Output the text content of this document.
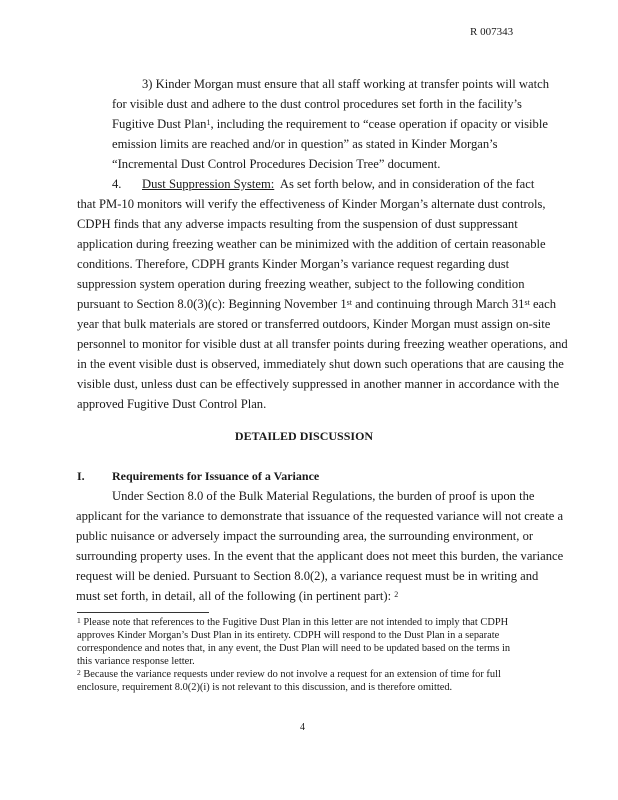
R 007343
3) Kinder Morgan must ensure that all staff working at transfer points will watch
for visible dust and adhere to the dust control procedures set forth in the facility’s
Fugitive Dust Plan$^1$, including the requirement to “cease operation if opacity or visible
emission limits are reached and/or in question” as stated in Kinder Morgan’s
“Incremental Dust Control Procedures Decision Tree” document.
4. Dust Suppression System: As set forth below, and in consideration of the fact
that PM-10 monitors will verify the effectiveness of Kinder Morgan’s alternate dust controls,
CDPH finds that any adverse impacts resulting from the suspension of dust suppressant
application during freezing weather can be minimized with the addition of certain reasonable
conditions. Therefore, CDPH grants Kinder Morgan’s variance request regarding dust
suppression system operation during freezing weather, subject to the following condition
pursuant to Section 8.0(3)(c): Beginning November 1st and continuing through March 31st each
year that bulk materials are stored or transferred outdoors, Kinder Morgan must assign on-site
personnel to monitor for visible dust at all transfer points during freezing weather operations, and
in the event visible dust is observed, immediately shut down such operations that are causing the
visible dust, unless dust can be effectively suppressed in another manner in accordance with the
approved Fugitive Dust Control Plan.
DETAILED DISCUSSION
I. Requirements for Issuance of a Variance
Under Section 8.0 of the Bulk Material Regulations, the burden of proof is upon the
applicant for the variance to demonstrate that issuance of the requested variance will not create a
public nuisance or adversely impact the surrounding area, the surrounding environment, or
surrounding property uses. In the event that the applicant does not meet this burden, the variance
request will be denied. Pursuant to Section 8.0(2), a variance request must be in writing and
must set forth, in detail, all of the following (in pertinent part): $^2$
$^1$ Please note that references to the Fugitive Dust Plan in this letter are not intended to imply that CDPH
approves Kinder Morgan’s Dust Plan in its entirety. CDPH will respond to the Dust Plan in a separate
correspondence and notes that, in any event, the Dust Plan will need to be updated based on the terms in
this variance response letter.
$^2$ Because the variance requests under review do not involve a request for an extension of time for full
enclosure, requirement 8.0(2)(i) is not relevant to this discussion, and is therefore omitted.
4
